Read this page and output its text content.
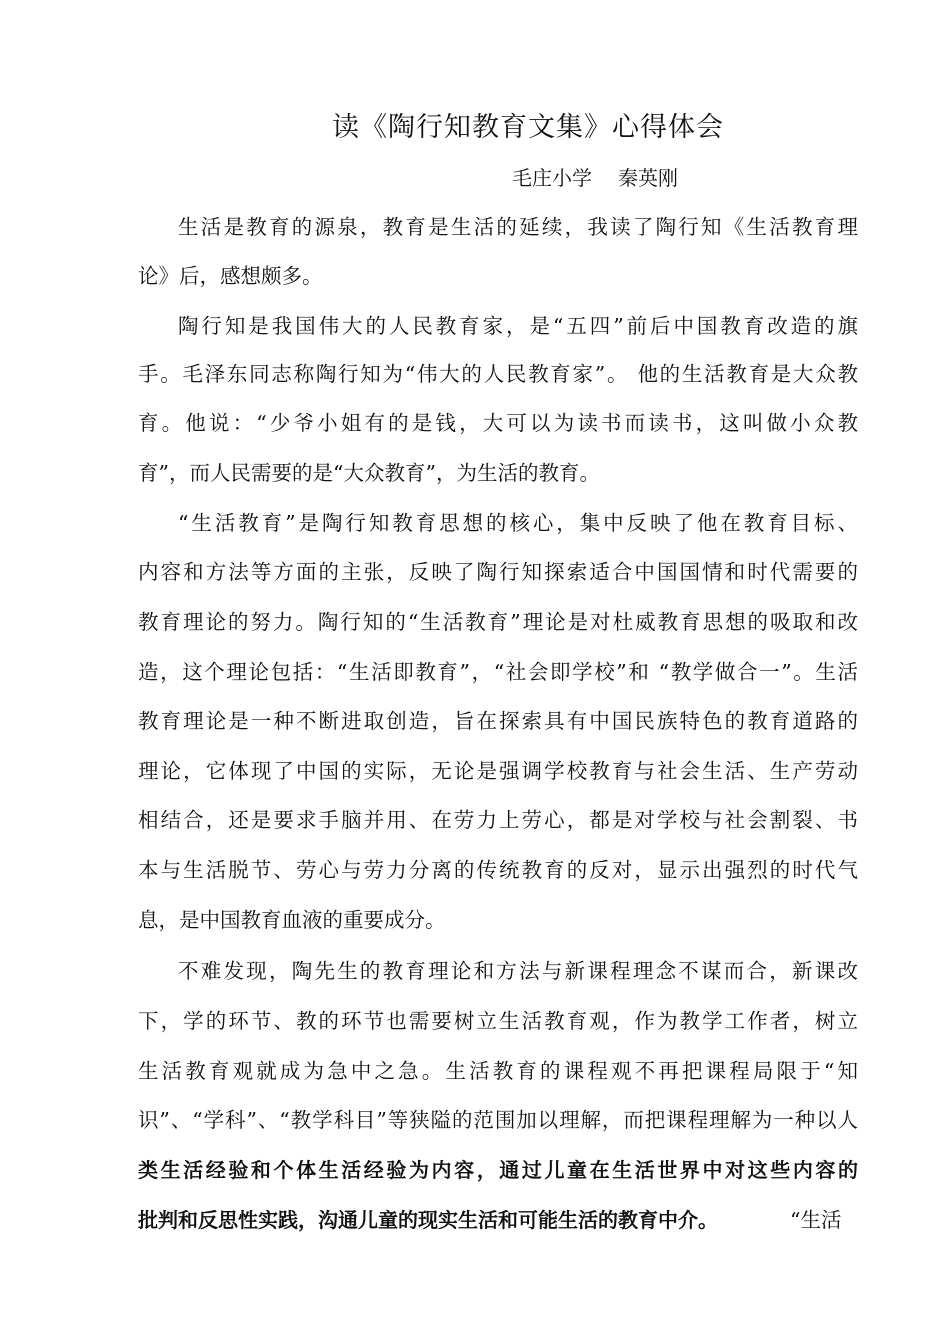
读《陶行知教育文集》心得体会
毛庄小学 秦英刚
生活是教育的源泉，教育是生活的延续，我读了陶行知《生活教育理
论》后，感想颇多。
陶行知是我国伟大的人民教育家，是“五四”前后中国教育改造的旗
手。毛泽东同志称陶行知为“伟大的人民教育家”。 他的生活教育是大众教
育。他说：“少爷小姐有的是钱，大可以为读书而读书，这叫做小众教
育”，而人民需要的是“大众教育”，为生活的教育。
“生活教育”是陶行知教育思想的核心，集中反映了他在教育目标、
内容和方法等方面的主张，反映了陶行知探索适合中国国情和时代需要的
教育理论的努力。陶行知的“生活教育”理论是对杜威教育思想的吸取和改
造，这个理论包括：“生活即教育”，“社会即学校”和 “教学做合一”。生活
教育理论是一种不断进取创造，旨在探索具有中国民族特色的教育道路的
理论，它体现了中国的实际，无论是强调学校教育与社会生活、生产劳动
相结合，还是要求手脑并用、在劳力上劳心，都是对学校与社会割裂、书
本与生活脱节、劳心与劳力分离的传统教育的反对，显示出强烈的时代气
息，是中国教育血液的重要成分。
不难发现，陶先生的教育理论和方法与新课程理念不谋而合，新课改
下，学的环节、教的环节也需要树立生活教育观，作为教学工作者，树立
生活教育观就成为急中之急。生活教育的课程观不再把课程局限于“知
识”、“学科”、“教学科目”等狭隘的范围加以理解，而把课程理解为一种以人
类生活经验和个体生活经验为内容，通过儿童在生活世界中对这些内容的
批判和反思性实践，沟通儿童的现实生活和可能生活的教育中介。	“生活
